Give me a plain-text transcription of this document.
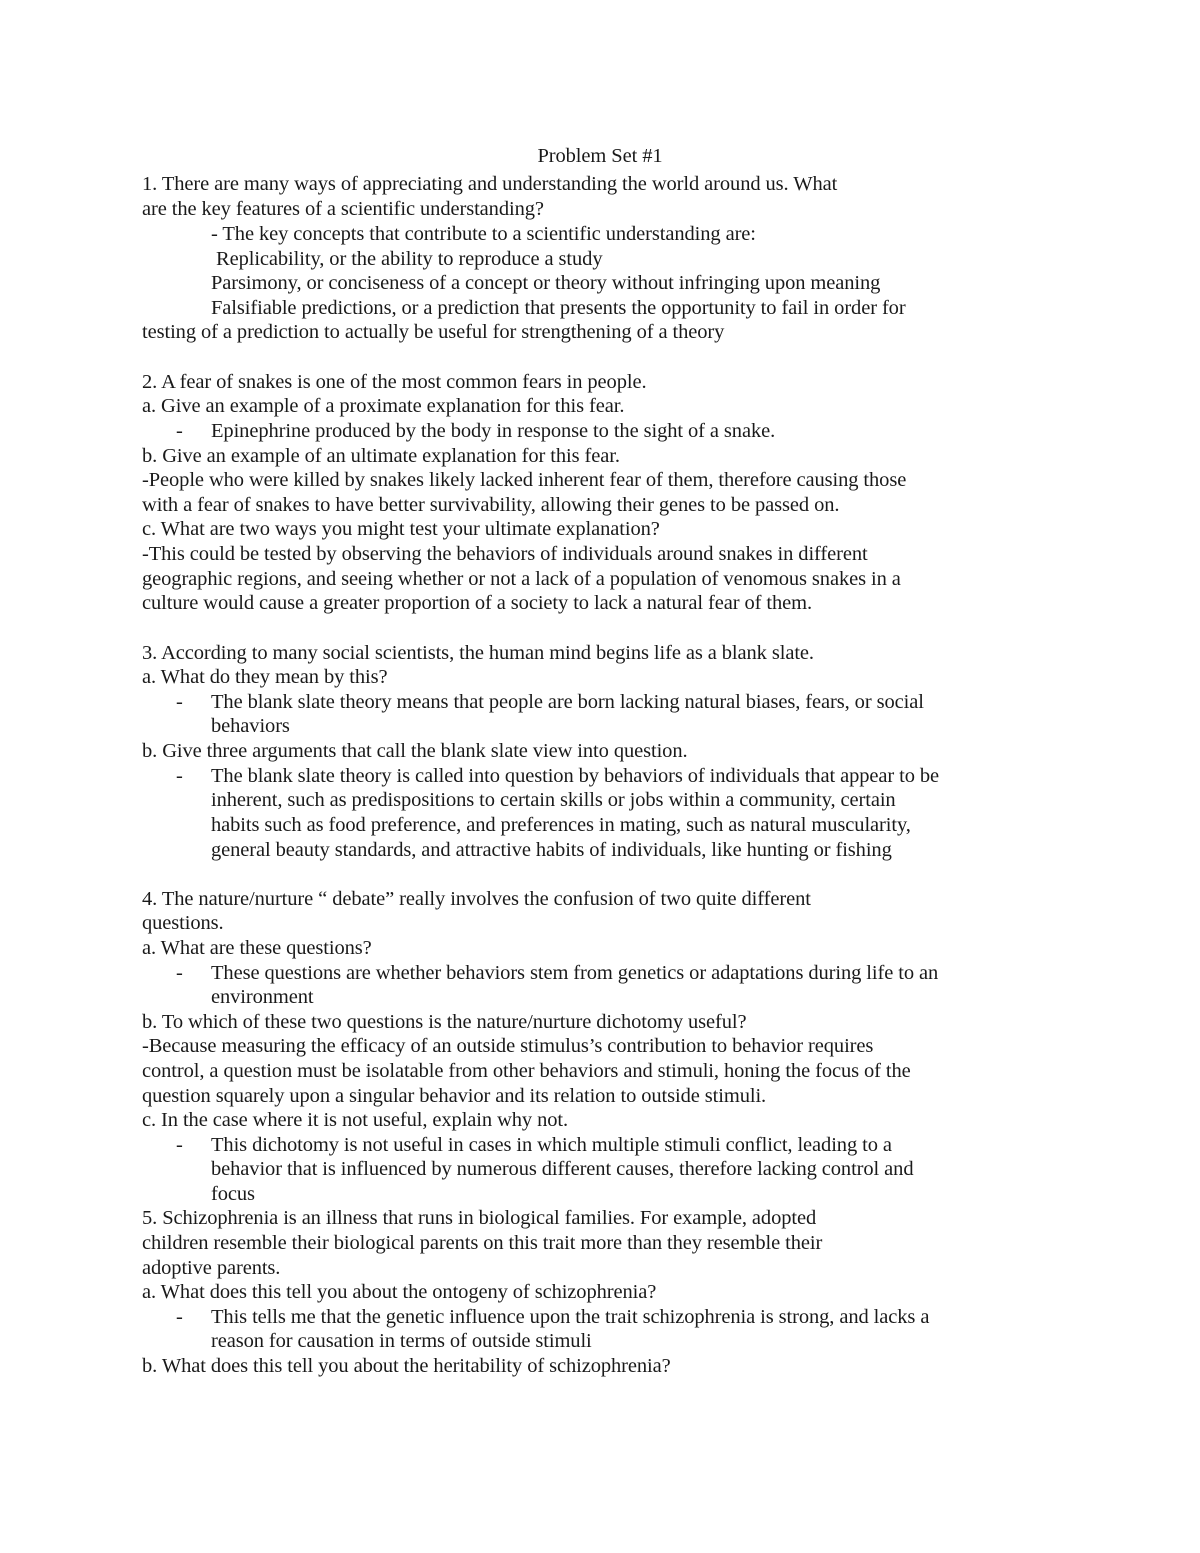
Problem Set #1
1. There are many ways of appreciating and understanding the world around us. What
are the key features of a scientific understanding?
- The key concepts that contribute to a scientific understanding are:
Replicability, or the ability to reproduce a study
Parsimony, or conciseness of a concept or theory without infringing upon meaning
Falsifiable predictions, or a prediction that presents the opportunity to fail in order for
testing of a prediction to actually be useful for strengthening of a theory
2. A fear of snakes is one of the most common fears in people.
a. Give an example of a proximate explanation for this fear.
- Epinephrine produced by the body in response to the sight of a snake.
b. Give an example of an ultimate explanation for this fear.
-People who were killed by snakes likely lacked inherent fear of them, therefore causing those
with a fear of snakes to have better survivability, allowing their genes to be passed on.
c. What are two ways you might test your ultimate explanation?
-This could be tested by observing the behaviors of individuals around snakes in different
geographic regions, and seeing whether or not a lack of a population of venomous snakes in a
culture would cause a greater proportion of a society to lack a natural fear of them.
3. According to many social scientists, the human mind begins life as a blank slate.
a. What do they mean by this?
- The blank slate theory means that people are born lacking natural biases, fears, or social
behaviors
b. Give three arguments that call the blank slate view into question.
- The blank slate theory is called into question by behaviors of individuals that appear to be
inherent, such as predispositions to certain skills or jobs within a community, certain
habits such as food preference, and preferences in mating, such as natural muscularity,
general beauty standards, and attractive habits of individuals, like hunting or fishing
4. The nature/nurture “ debate” really involves the confusion of two quite different
questions.
a. What are these questions?
- These questions are whether behaviors stem from genetics or adaptations during life to an
environment
b. To which of these two questions is the nature/nurture dichotomy useful?
-Because measuring the efficacy of an outside stimulus’s contribution to behavior requires
control, a question must be isolatable from other behaviors and stimuli, honing the focus of the
question squarely upon a singular behavior and its relation to outside stimuli.
c. In the case where it is not useful, explain why not.
- This dichotomy is not useful in cases in which multiple stimuli conflict, leading to a
behavior that is influenced by numerous different causes, therefore lacking control and
focus
5. Schizophrenia is an illness that runs in biological families. For example, adopted
children resemble their biological parents on this trait more than they resemble their
adoptive parents.
a. What does this tell you about the ontogeny of schizophrenia?
- This tells me that the genetic influence upon the trait schizophrenia is strong, and lacks a
reason for causation in terms of outside stimuli
b. What does this tell you about the heritability of schizophrenia?
